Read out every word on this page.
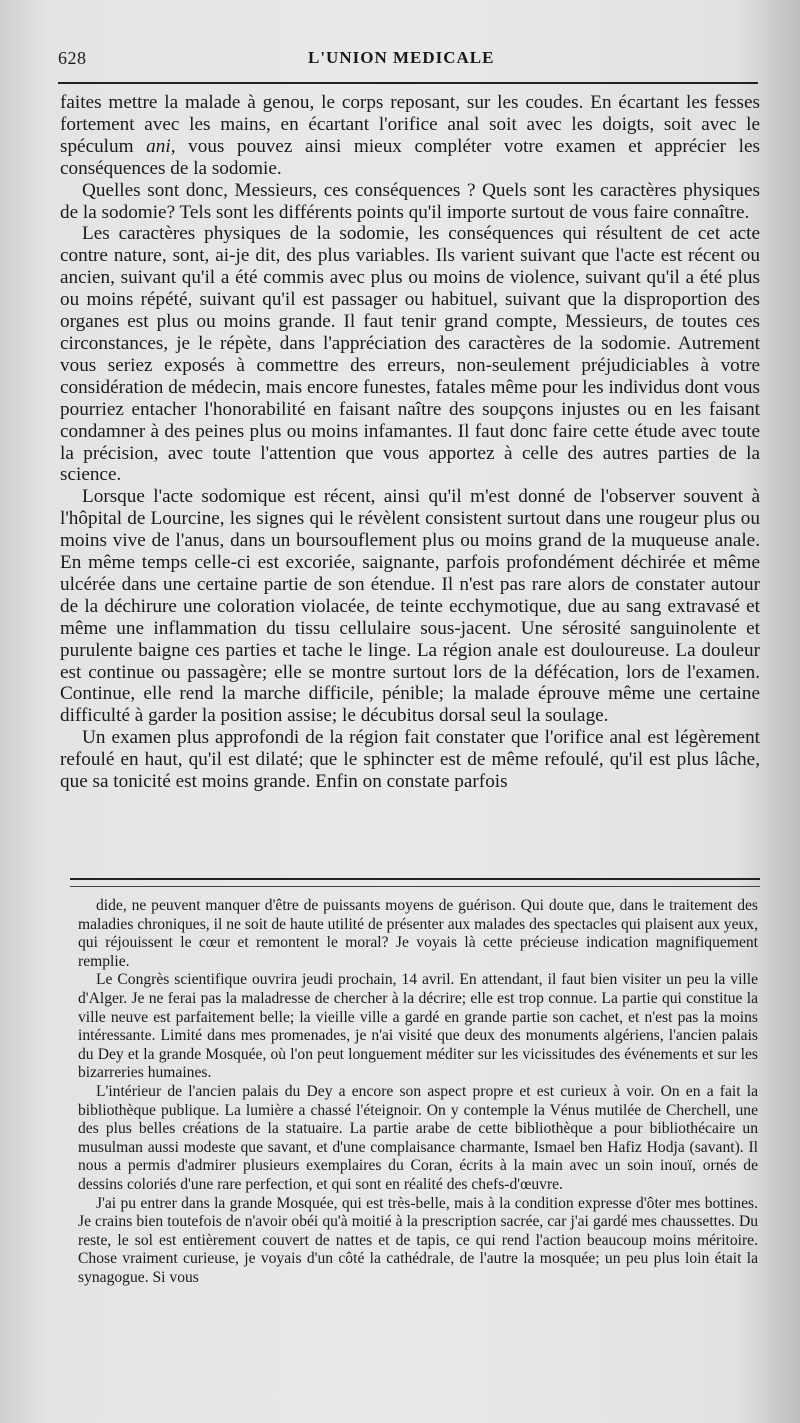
628	L'UNION MEDICALE

faites mettre la malade à genou, le corps reposant, sur les coudes. En écartant les fesses fortement avec les mains, en écartant l'orifice anal soit avec les doigts, soit avec le spéculum ani, vous pouvez ainsi mieux compléter votre examen et apprécier les conséquences de la sodomie.

Quelles sont donc, Messieurs, ces conséquences ? Quels sont les caractères physiques de la sodomie? Tels sont les différents points qu'il importe surtout de vous faire connaître.

Les caractères physiques de la sodomie, les conséquences qui résultent de cet acte contre nature, sont, ai-je dit, des plus variables. Ils varient suivant que l'acte est récent ou ancien, suivant qu'il a été commis avec plus ou moins de violence, suivant qu'il a été plus ou moins répété, suivant qu'il est passager ou habituel, suivant que la disproportion des organes est plus ou moins grande. Il faut tenir grand compte, Messieurs, de toutes ces circonstances, je le répète, dans l'appréciation des caractères de la sodomie. Autrement vous seriez exposés à commettre des erreurs, non-seulement préjudiciables à votre considération de médecin, mais encore funestes, fatales même pour les individus dont vous pourriez entacher l'honorabilité en faisant naître des soupçons injustes ou en les faisant condamner à des peines plus ou moins infamantes. Il faut donc faire cette étude avec toute la précision, avec toute l'attention que vous apportez à celle des autres parties de la science.

Lorsque l'acte sodomique est récent, ainsi qu'il m'est donné de l'observer souvent à l'hôpital de Lourcine, les signes qui le révèlent consistent surtout dans une rougeur plus ou moins vive de l'anus, dans un boursouflement plus ou moins grand de la muqueuse anale. En même temps celle-ci est excoriée, saignante, parfois profondément déchirée et même ulcérée dans une certaine partie de son étendue. Il n'est pas rare alors de constater autour de la déchirure une coloration violacée, de teinte ecchymotique, due au sang extravasé et même une inflammation du tissu cellulaire sous-jacent. Une sérosité sanguinolente et purulente baigne ces parties et tache le linge. La région anale est douloureuse. La douleur est continue ou passagère; elle se montre surtout lors de la défécation, lors de l'examen. Continue, elle rend la marche difficile, pénible; la malade éprouve même une certaine difficulté à garder la position assise; le décubitus dorsal seul la soulage.

Un examen plus approfondi de la région fait constater que l'orifice anal est légèrement refoulé en haut, qu'il est dilaté; que le sphincter est de même refoulé, qu'il est plus lâche, que sa tonicité est moins grande. Enfin on constate parfois

dide, ne peuvent manquer d'être de puissants moyens de guérison. Qui doute que, dans le traitement des maladies chroniques, il ne soit de haute utilité de présenter aux malades des spectacles qui plaisent aux yeux, qui réjouissent le cœur et remontent le moral? Je voyais là cette précieuse indication magnifiquement remplie.

Le Congrès scientifique ouvrira jeudi prochain, 14 avril. En attendant, il faut bien visiter un peu la ville d'Alger. Je ne ferai pas la maladresse de chercher à la décrire; elle est trop connue. La partie qui constitue la ville neuve est parfaitement belle; la vieille ville a gardé en grande partie son cachet, et n'est pas la moins intéressante. Limité dans mes promenades, je n'ai visité que deux des monuments algériens, l'ancien palais du Dey et la grande Mosquée, où l'on peut longuement méditer sur les vicissitudes des événements et sur les bizarreries humaines.

L'intérieur de l'ancien palais du Dey a encore son aspect propre et est curieux à voir. On en a fait la bibliothèque publique. La lumière a chassé l'éteignoir. On y contemple la Vénus mutilée de Cherchell, une des plus belles créations de la statuaire. La partie arabe de cette bibliothèque a pour bibliothécaire un musulman aussi modeste que savant, et d'une complaisance charmante, Ismael ben Hafiz Hodja (savant). Il nous a permis d'admirer plusieurs exemplaires du Coran, écrits à la main avec un soin inouï, ornés de dessins coloriés d'une rare perfection, et qui sont en réalité des chefs-d'œuvre.

J'ai pu entrer dans la grande Mosquée, qui est très-belle, mais à la condition expresse d'ôter mes bottines. Je crains bien toutefois de n'avoir obéi qu'à moitié à la prescription sacrée, car j'ai gardé mes chaussettes. Du reste, le sol est entièrement couvert de nattes et de tapis, ce qui rend l'action beaucoup moins méritoire. Chose vraiment curieuse, je voyais d'un côté la cathédrale, de l'autre la mosquée; un peu plus loin était la synagogue. Si vous
